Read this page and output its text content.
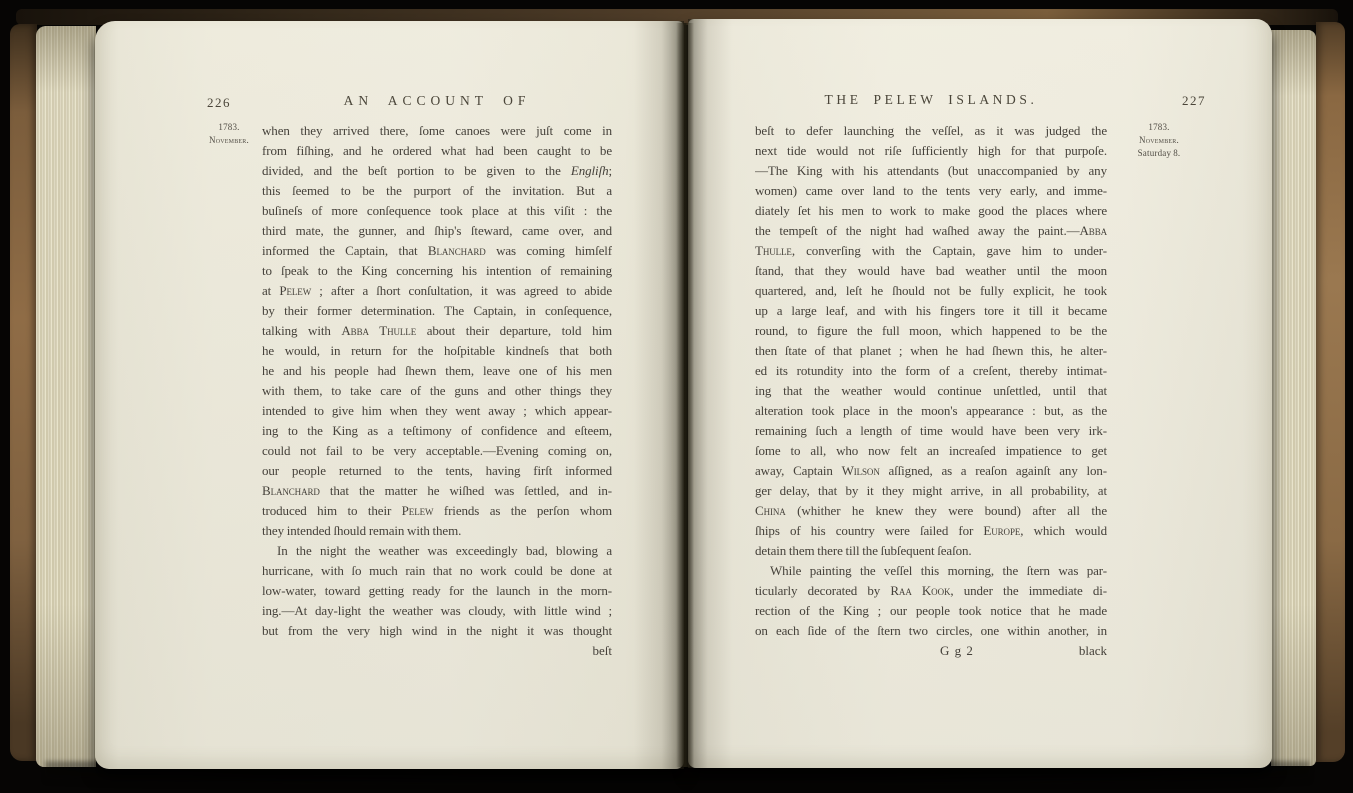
226	AN ACCOUNT OF
1783.
November.
when they arrived there, ſome canoes were juſt come in
from fiſhing, and he ordered what had been caught to be
divided, and the beſt portion to be given to the Engliſh;
this ſeemed to be the purport of the invitation. But a
buſineſs of more conſequence took place at this viſit : the
third mate, the gunner, and ſhip's ſteward, came over, and
informed the Captain, that Blanchard was coming himſelf
to ſpeak to the King concerning his intention of remaining
at Pelew ; after a ſhort conſultation, it was agreed to abide
by their former determination. The Captain, in conſequence,
talking with Abba Thulle about their departure, told him
he would, in return for the hoſpitable kindneſs that both
he and his people had ſhewn them, leave one of his men
with them, to take care of the guns and other things they
intended to give him when they went away ; which appear-
ing to the King as a teſtimony of confidence and eſteem,
could not fail to be very acceptable.—Evening coming on,
our people returned to the tents, having firſt informed
Blanchard that the matter he wiſhed was ſettled, and in-
troduced him to their Pelew friends as the perſon whom
they intended ſhould remain with them.
In the night the weather was exceedingly bad, blowing a
hurricane, with ſo much rain that no work could be done at
low-water, toward getting ready for the launch in the morn-
ing.—At day-light the weather was cloudy, with little wind ;
but from the very high wind in the night it was thought
beſt
THE PELEW ISLANDS.	227
1783.
November.
Saturday 8.
beſt to defer launching the veſſel, as it was judged the
next tide would not riſe ſufficiently high for that purpoſe.
—The King with his attendants (but unaccompanied by any
women) came over land to the tents very early, and imme-
diately ſet his men to work to make good the places where
the tempeſt of the night had waſhed away the paint.—Abba
Thulle, converſing with the Captain, gave him to under-
ſtand, that they would have bad weather until the moon
quartered, and, leſt he ſhould not be fully explicit, he took
up a large leaf, and with his fingers tore it till it became
round, to figure the full moon, which happened to be the
then ſtate of that planet ; when he had ſhewn this, he alter-
ed its rotundity into the form of a creſent, thereby intimat-
ing that the weather would continue unſettled, until that
alteration took place in the moon's appearance : but, as the
remaining ſuch a length of time would have been very irk-
ſome to all, who now felt an increaſed impatience to get
away, Captain Wilson aſſigned, as a reaſon againſt any lon-
ger delay, that by it they might arrive, in all probability, at
China (whither he knew they were bound) after all the
ſhips of his country were ſailed for Europe, which would
detain them there till the ſubſequent ſeaſon.
While painting the veſſel this morning, the ſtern was par-
ticularly decorated by Raa Kook, under the immediate di-
rection of the King ; our people took notice that he made
on each ſide of the ſtern two circles, one within another, in
G g 2	black
